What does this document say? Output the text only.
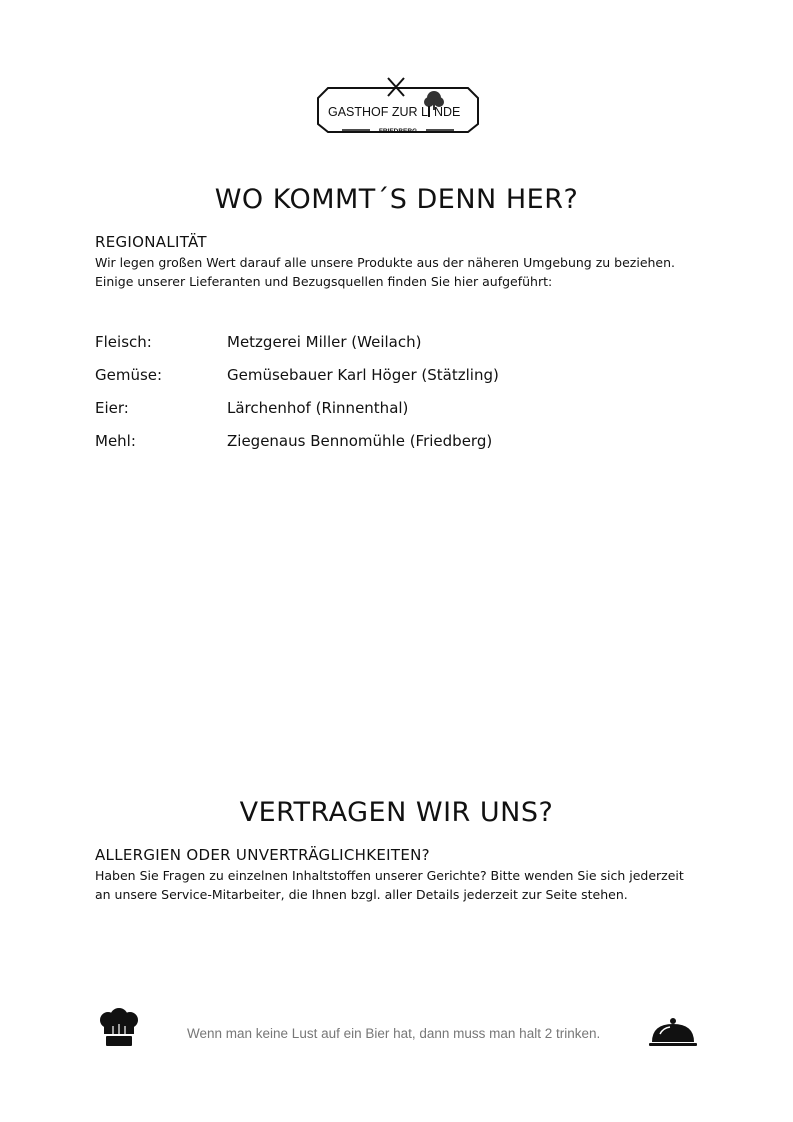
GASTHOF ZUR L NDE
FRIEDBERG
WO KOMMT´S DENN HER?
REGIONALITÄT

Wir legen großen Wert darauf alle unsere Produkte aus der näheren Umgebung zu beziehen. Einige unserer Lieferanten und Bezugsquellen finden Sie hier aufgeführt:

Fleisch:	Metzgerei Miller (Weilach)
Gemüse:	Gemüsebauer Karl Höger (Stätzling)
Eier:	Lärchenhof (Rinnenthal)
Mehl:	Ziegenaus Bennomühle (Friedberg)
VERTRAGEN WIR UNS?
ALLERGIEN ODER UNVERTRÄGLICHKEITEN?

Haben Sie Fragen zu einzelnen Inhaltstoffen unserer Gerichte? Bitte wenden Sie sich jederzeit an unsere Service-Mitarbeiter, die Ihnen bzgl. aller Details jederzeit zur Seite stehen.

Wenn man keine Lust auf ein Bier hat, dann muss man halt 2 trinken.
